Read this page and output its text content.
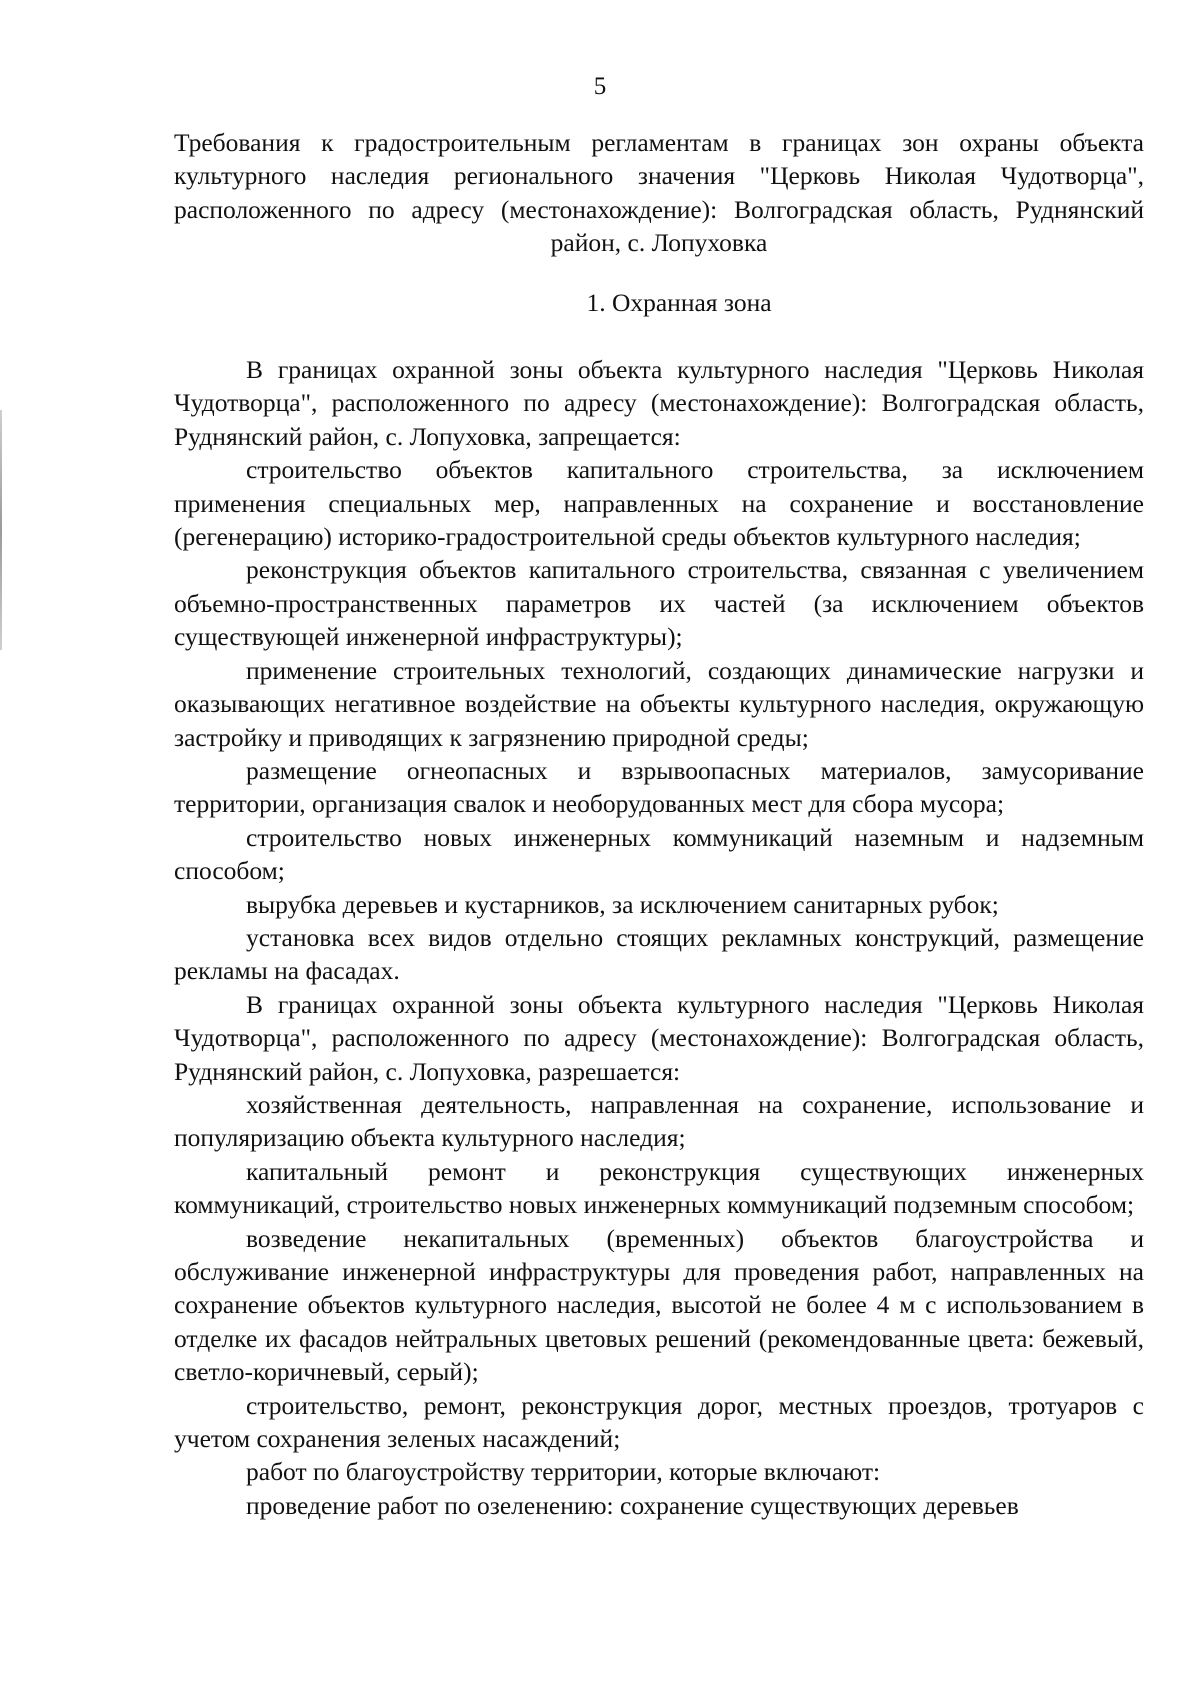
5

Требования к градостроительным регламентам в границах зон охраны объекта культурного наследия регионального значения "Церковь Николая Чудотворца", расположенного по адресу (местонахождение): Волгоградская область, Руднянский район, с. Лопуховка

1. Охранная зона

В границах охранной зоны объекта культурного наследия "Церковь Николая Чудотворца", расположенного по адресу (местонахождение): Волгоградская область, Руднянский район, с. Лопуховка, запрещается:

строительство объектов капитального строительства, за исключением применения специальных мер, направленных на сохранение и восстановление (регенерацию) историко-градостроительной среды объектов культурного наследия;

реконструкция объектов капитального строительства, связанная с увеличением объемно-пространственных параметров их частей (за исключением объектов существующей инженерной инфраструктуры);

применение строительных технологий, создающих динамические нагрузки и оказывающих негативное воздействие на объекты культурного наследия, окружающую застройку и приводящих к загрязнению природной среды;

размещение огнеопасных и взрывоопасных материалов, замусоривание территории, организация свалок и необорудованных мест для сбора мусора;

строительство новых инженерных коммуникаций наземным и надземным способом;

вырубка деревьев и кустарников, за исключением санитарных рубок;

установка всех видов отдельно стоящих рекламных конструкций, размещение рекламы на фасадах.

В границах охранной зоны объекта культурного наследия "Церковь Николая Чудотворца", расположенного по адресу (местонахождение): Волгоградская область, Руднянский район, с. Лопуховка, разрешается:

хозяйственная деятельность, направленная на сохранение, использование и популяризацию объекта культурного наследия;

капитальный ремонт и реконструкция существующих инженерных коммуникаций, строительство новых инженерных коммуникаций подземным способом;

возведение некапитальных (временных) объектов благоустройства и обслуживание инженерной инфраструктуры для проведения работ, направленных на сохранение объектов культурного наследия, высотой не более 4 м с использованием в отделке их фасадов нейтральных цветовых решений (рекомендованные цвета: бежевый, светло-коричневый, серый);

строительство, ремонт, реконструкция дорог, местных проездов, тротуаров с учетом сохранения зеленых насаждений;

работ по благоустройству территории, которые включают:

проведение работ по озеленению: сохранение существующих деревьев
